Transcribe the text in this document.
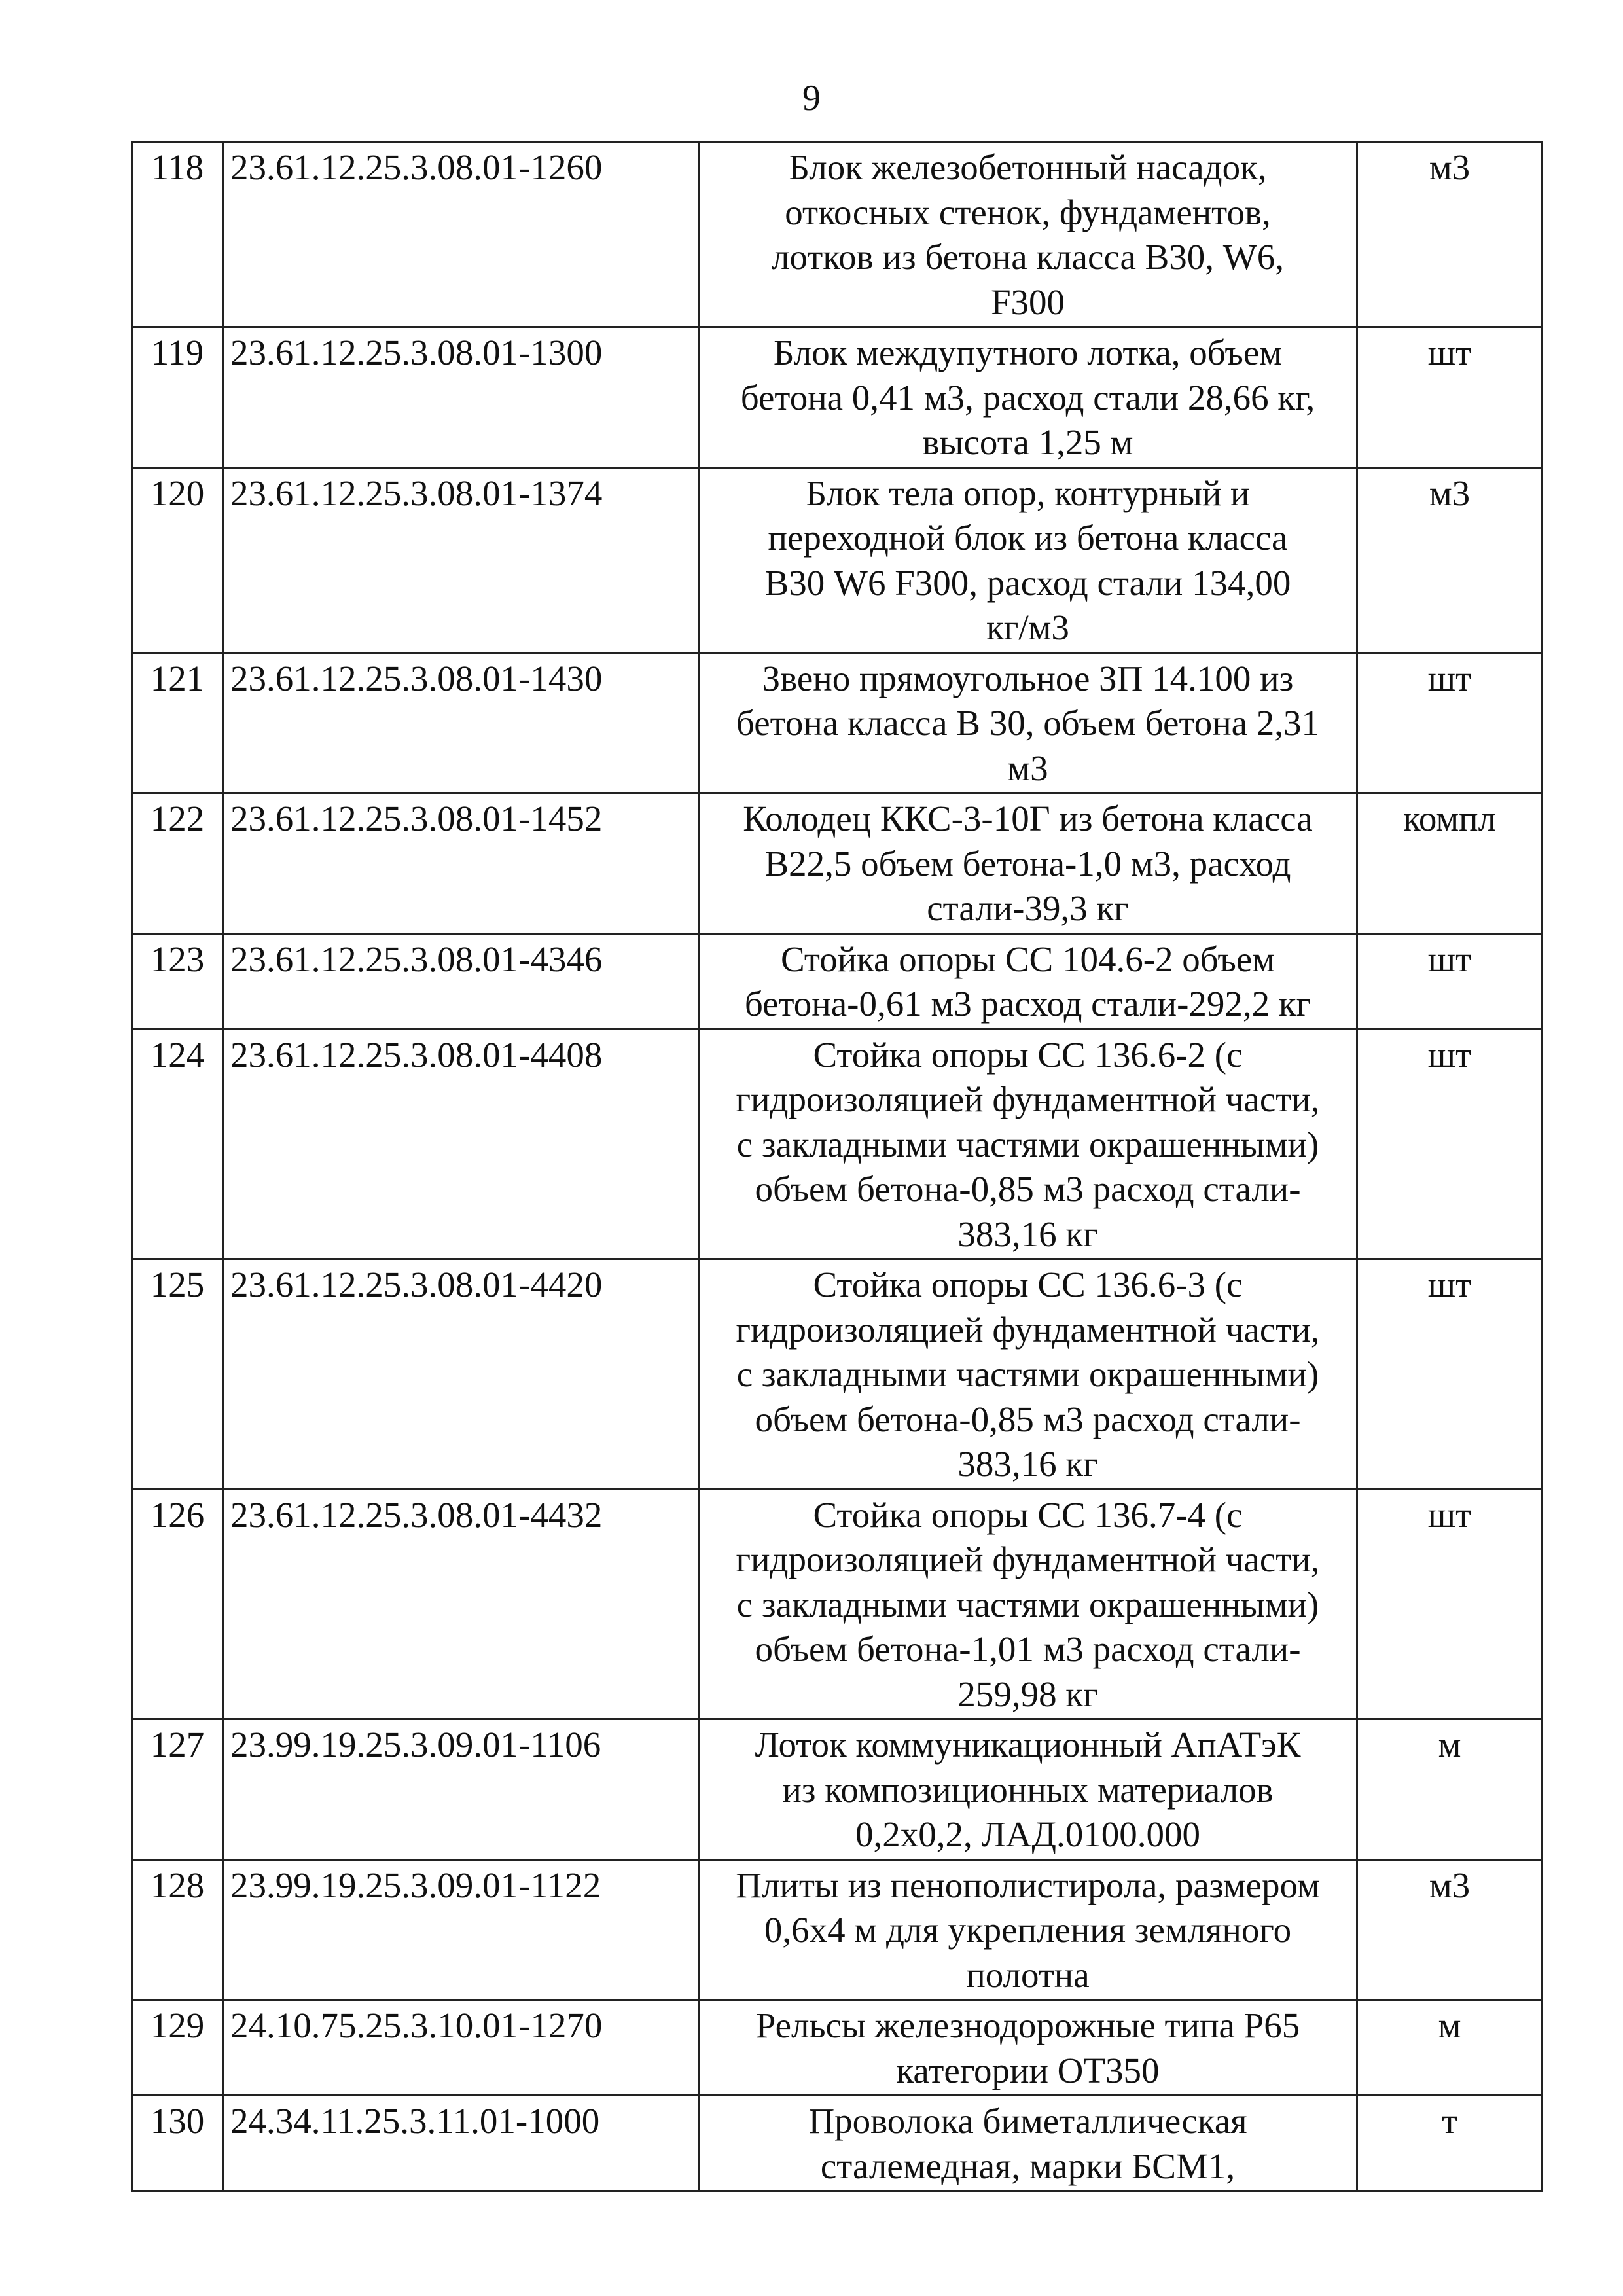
9
118	23.61.12.25.3.08.01-1260	Блок железобетонный насадок,
откосных стенок, фундаментов,
лотков из бетона класса В30, W6,
F300	м3
119	23.61.12.25.3.08.01-1300	Блок междупутного лотка, объем
бетона 0,41 м3, расход стали 28,66 кг,
высота 1,25 м	шт
120	23.61.12.25.3.08.01-1374	Блок тела опор, контурный и
переходной блок из бетона класса
В30 W6 F300, расход стали 134,00
кг/м3	м3
121	23.61.12.25.3.08.01-1430	Звено прямоугольное ЗП 14.100 из
бетона класса В 30, объем бетона 2,31
м3	шт
122	23.61.12.25.3.08.01-1452	Колодец ККС-3-10Г из бетона класса
В22,5 объем бетона-1,0 м3, расход
стали-39,3 кг	компл
123	23.61.12.25.3.08.01-4346	Стойка опоры СС 104.6-2 объем
бетона-0,61 м3 расход стали-292,2 кг	шт
124	23.61.12.25.3.08.01-4408	Стойка опоры СС 136.6-2 (с
гидроизоляцией фундаментной части,
с закладными частями окрашенными)
объем бетона-0,85 м3 расход стали-
383,16 кг	шт
125	23.61.12.25.3.08.01-4420	Стойка опоры СС 136.6-3 (с
гидроизоляцией фундаментной части,
с закладными частями окрашенными)
объем бетона-0,85 м3 расход стали-
383,16 кг	шт
126	23.61.12.25.3.08.01-4432	Стойка опоры СС 136.7-4 (с
гидроизоляцией фундаментной части,
с закладными частями окрашенными)
объем бетона-1,01 м3 расход стали-
259,98 кг	шт
127	23.99.19.25.3.09.01-1106	Лоток коммуникационный АпАТэК
из композиционных материалов
0,2х0,2, ЛАД.0100.000	м
128	23.99.19.25.3.09.01-1122	Плиты из пенополистирола, размером
0,6х4 м для укрепления земляного
полотна	м3
129	24.10.75.25.3.10.01-1270	Рельсы железнодорожные типа Р65
категории ОТ350	м
130	24.34.11.25.3.11.01-1000	Проволока биметаллическая
сталемедная, марки БСМ1,	т
